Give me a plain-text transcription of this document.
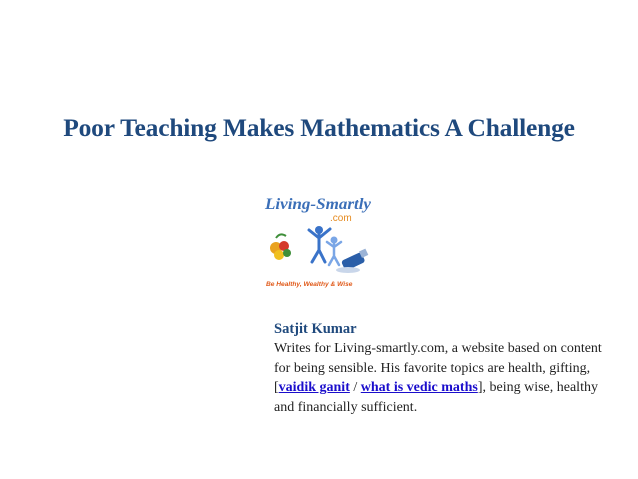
Poor Teaching Makes Mathematics A Challenge
Living-Smartly
.com
Be Healthy, Wealthy & Wise
Satjit Kumar
Writes for Living-smartly.com, a website based on content for being sensible. His favorite topics are health, gifting, [vaidik ganit / what is vedic maths], being wise, healthy and financially sufficient.
